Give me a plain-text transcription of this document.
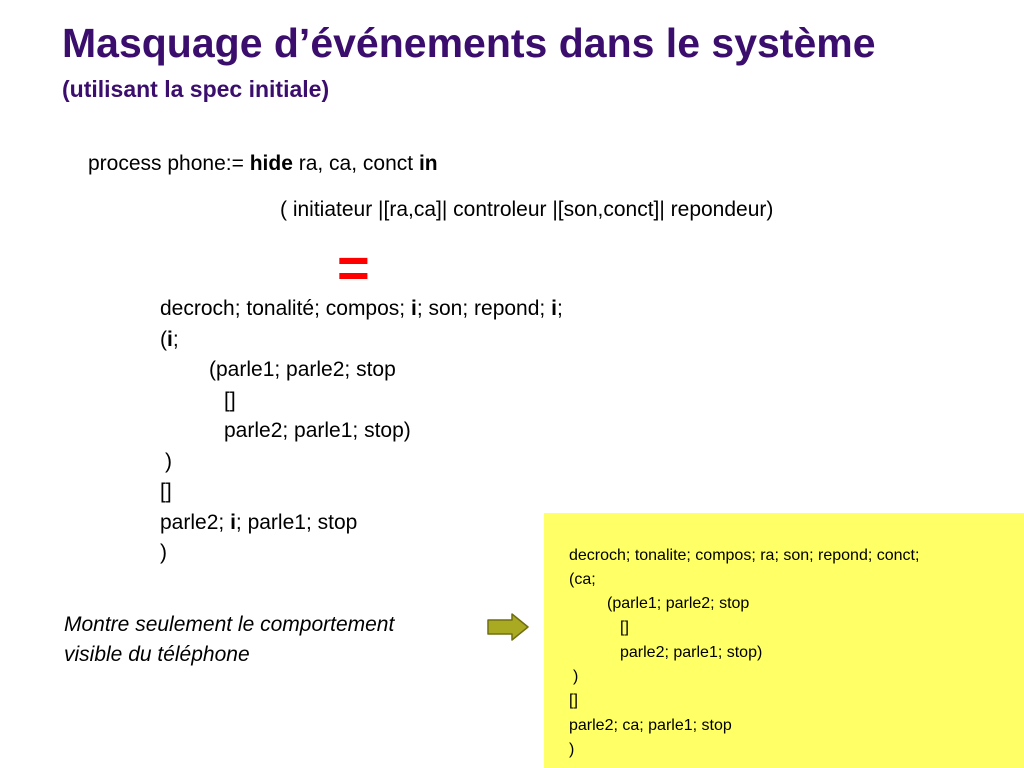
Masquage d’événements dans le système
(utilisant la spec initiale)
process phone:= hide ra, ca, conct in
( initiateur |[ra,ca]| controleur |[son,conct]| repondeur)
=
decroch; tonalité; compos; i; son; repond; i;
(i;
(parle1; parle2; stop
[]
parle2; parle1; stop)
)
[]
parle2; i; parle1; stop
)
Montre seulement le comportement
visible du téléphone
decroch; tonalite; compos; ra; son; repond; conct;
(ca;
(parle1; parle2; stop
[]
parle2; parle1; stop)
)
[]
parle2; ca; parle1; stop
)
